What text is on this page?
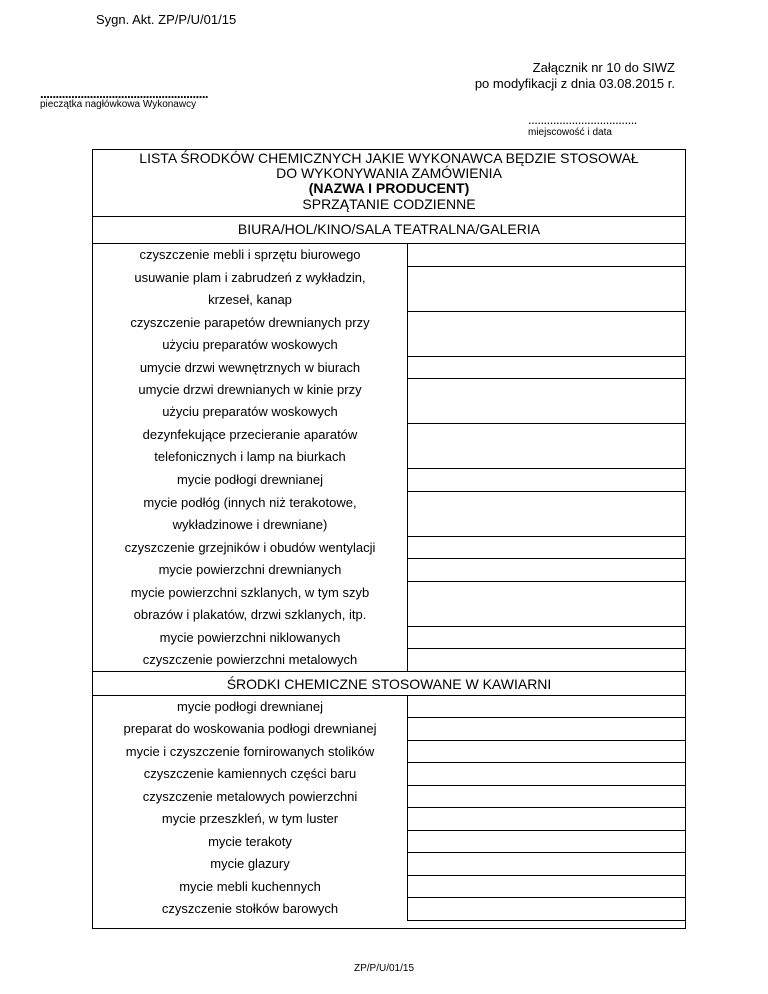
Sygn. Akt. ZP/P/U/01/15
Załącznik nr 10 do SIWZ
po modyfikacji z dnia 03.08.2015 r.
......................................................
pieczątka nagłówkowa Wykonawcy
...................................
miejscowość i data
LISTA ŚRODKÓW CHEMICZNYCH JAKIE WYKONAWCA BĘDZIE STOSOWAŁ
DO WYKONYWANIA ZAMÓWIENIA
(NAZWA I PRODUCENT)
SPRZĄTANIE CODZIENNE
BIURA/HOL/KINO/SALA TEATRALNA/GALERIA
czyszczenie mebli i sprzętu biurowego
usuwanie plam i zabrudzeń z wykładzin,
krzeseł, kanap
czyszczenie parapetów drewnianych przy
użyciu preparatów woskowych
umycie drzwi wewnętrznych w biurach
umycie drzwi drewnianych w kinie przy
użyciu preparatów woskowych
dezynfekujące przecieranie aparatów
telefonicznych i lamp na biurkach
mycie podłogi drewnianej
mycie podłóg (innych niż terakotowe,
wykładzinowe i drewniane)
czyszczenie grzejników i obudów wentylacji
mycie powierzchni drewnianych
mycie powierzchni szklanych, w tym szyb
obrazów i plakatów, drzwi szklanych, itp.
mycie powierzchni niklowanych
czyszczenie powierzchni metalowych
ŚRODKI CHEMICZNE STOSOWANE W KAWIARNI
mycie podłogi drewnianej
preparat do woskowania podłogi drewnianej
mycie i czyszczenie fornirowanych stolików
czyszczenie kamiennych części baru
czyszczenie metalowych powierzchni
mycie przeszkleń, w tym luster
mycie terakoty
mycie glazury
mycie mebli kuchennych
czyszczenie stołków barowych
ZP/P/U/01/15
